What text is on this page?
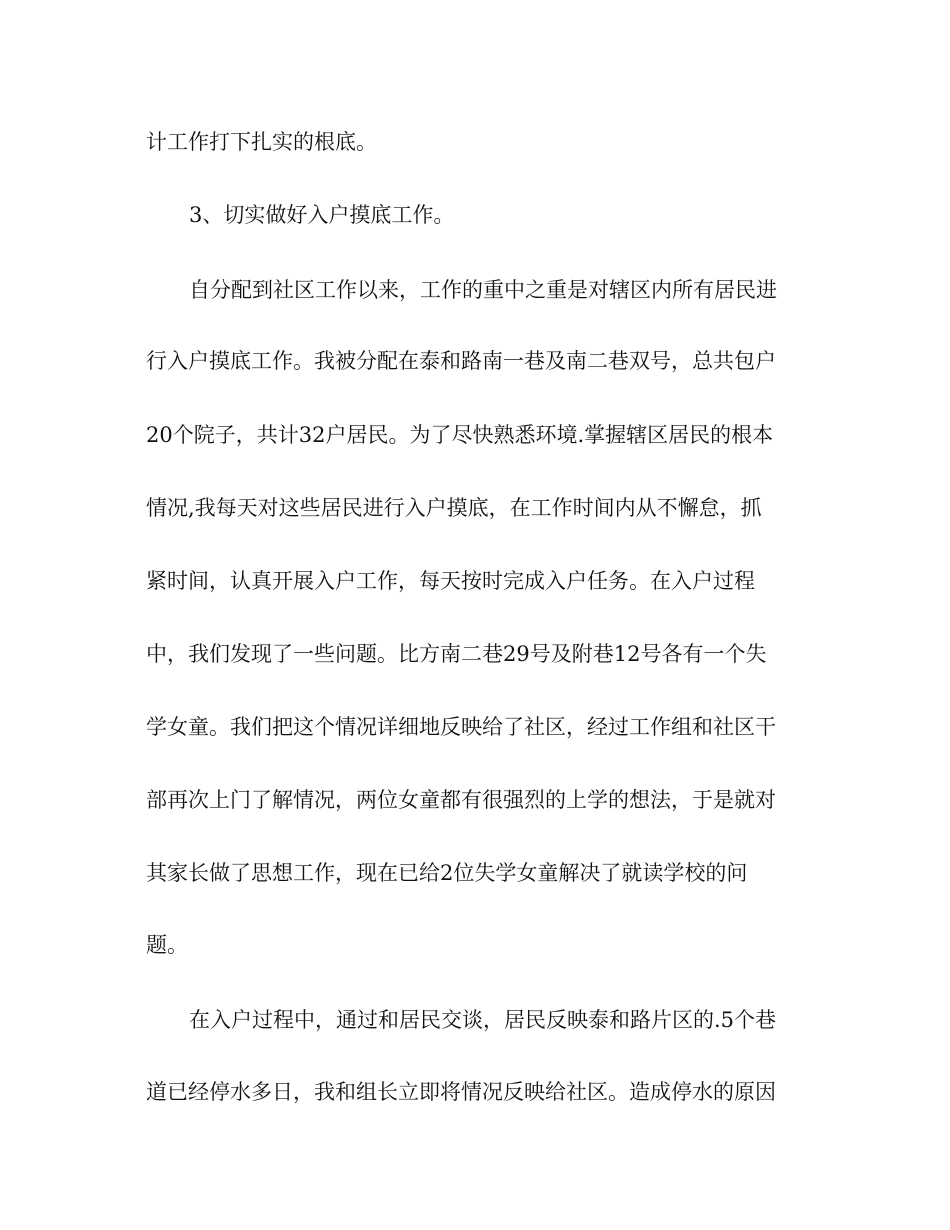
计工作打下扎实的根底。

3、切实做好入户摸底工作。

自分配到社区工作以来，工作的重中之重是对辖区内所有居民进

行入户摸底工作。我被分配在泰和路南一巷及南二巷双号，总共包户

20个院子，共计32户居民。为了尽快熟悉环境.掌握辖区居民的根本

情况,我每天对这些居民进行入户摸底，在工作时间内从不懈怠，抓

紧时间，认真开展入户工作，每天按时完成入户任务。在入户过程

中，我们发现了一些问题。比方南二巷29号及附巷12号各有一个失

学女童。我们把这个情况详细地反映给了社区，经过工作组和社区干

部再次上门了解情况，两位女童都有很强烈的上学的想法，于是就对

其家长做了思想工作，现在已给2位失学女童解决了就读学校的问

题。

在入户过程中，通过和居民交谈，居民反映泰和路片区的.5个巷

道已经停水多日，我和组长立即将情况反映给社区。造成停水的原因
